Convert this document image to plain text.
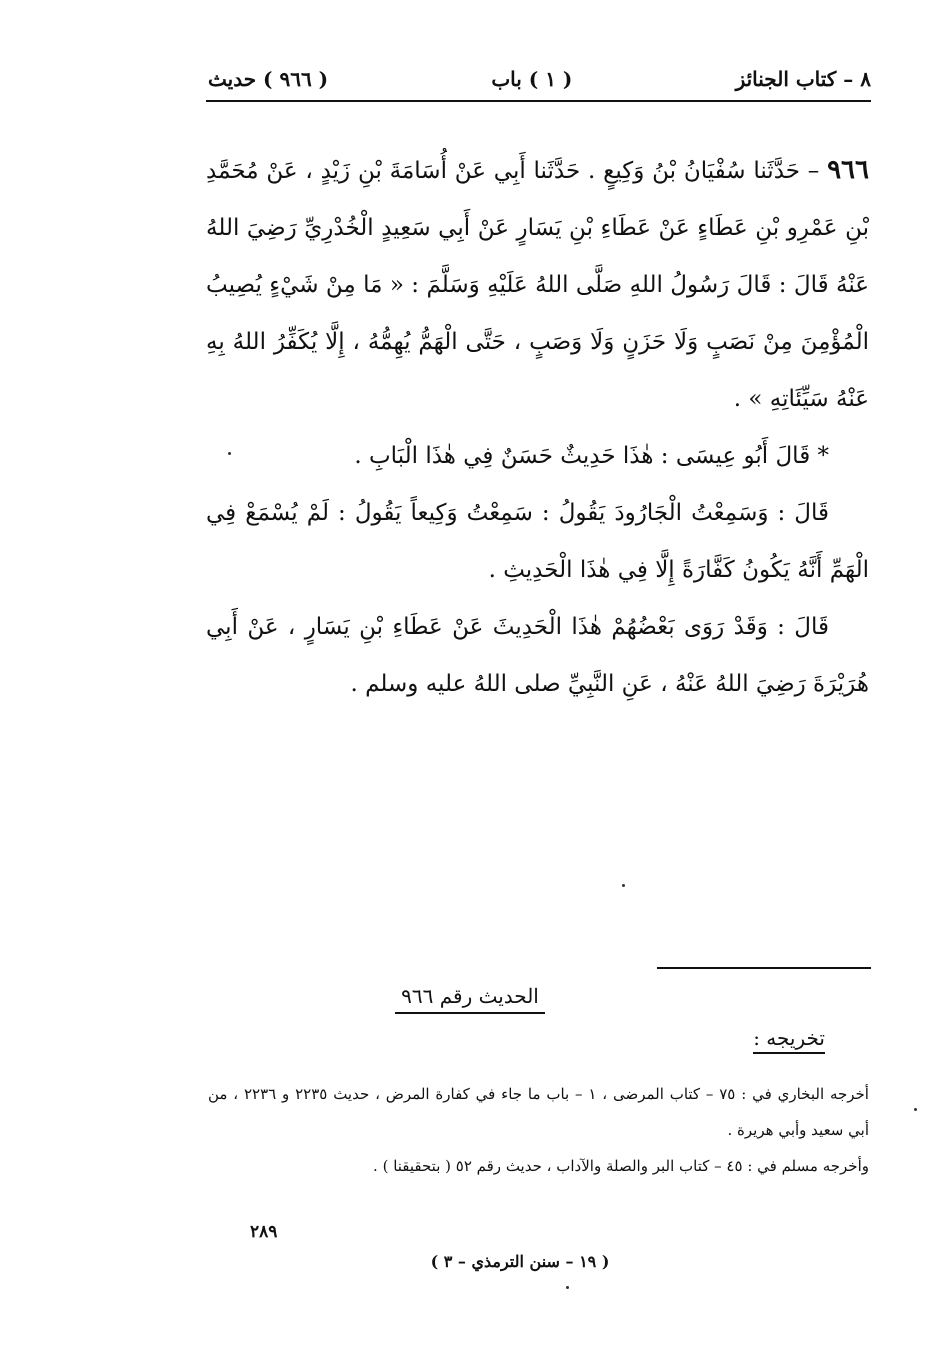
٨ – كتاب الجنائز
( ١ ) باب
( ٩٦٦ ) حديث

٩٦٦ – حَدَّثَنا سُفْيَانُ بْنُ وَكِيعٍ . حَدَّثَنا أَبِي عَنْ أُسَامَةَ بْنِ زَيْدٍ ، عَنْ مُحَمَّدِ بْنِ عَمْرِو بْنِ عَطَاءٍ عَنْ عَطَاءِ بْنِ يَسَارٍ عَنْ أَبِي سَعِيدٍ الْخُدْرِيِّ رَضِيَ اللهُ عَنْهُ قَالَ : قَالَ رَسُولُ اللهِ صَلَّى اللهُ عَلَيْهِ وَسَلَّمَ : « مَا مِنْ شَيْءٍ يُصِيبُ الْمُؤْمِنَ مِنْ نَصَبٍ وَلَا حَزَنٍ وَلَا وَصَبٍ ، حَتَّى الْهَمُّ يُهِمُّهُ ، إِلَّا يُكَفِّرُ اللهُ بِهِ عَنْهُ سَيِّئَاتِهِ » .

* قَالَ أَبُو عِيسَى : هٰذَا حَدِيثٌ حَسَنٌ فِي هٰذَا الْبَابِ .

قَالَ : وَسَمِعْتُ الْجَارُودَ يَقُولُ : سَمِعْتُ وَكِيعاً يَقُولُ : لَمْ يُسْمَعْ فِي الْهَمِّ أَنَّهُ يَكُونُ كَفَّارَةً إِلَّا فِي هٰذَا الْحَدِيثِ .

قَالَ : وَقَدْ رَوَى بَعْضُهُمْ هٰذَا الْحَدِيثَ عَنْ عَطَاءِ بْنِ يَسَارٍ ، عَنْ أَبِي هُرَيْرَةَ رَضِيَ اللهُ عَنْهُ ، عَنِ النَّبِيِّ صلى اللهُ عليه وسلم .

الحديث رقم ٩٦٦
تخريجه :

أخرجه البخاري في : ٧٥ – كتاب المرضى ، ١ – باب ما جاء في كفارة المرض ، حديث ٢٢٣٥ و ٢٢٣٦ ، من أبي سعيد وأبي هريرة .

وأخرجه مسلم في : ٤٥ – كتاب البر والصلة والآداب ، حديث رقم ٥٢ ( بتحقيقنا ) .

٢٨٩
( ١٩ – سنن الترمذي – ٣ )
